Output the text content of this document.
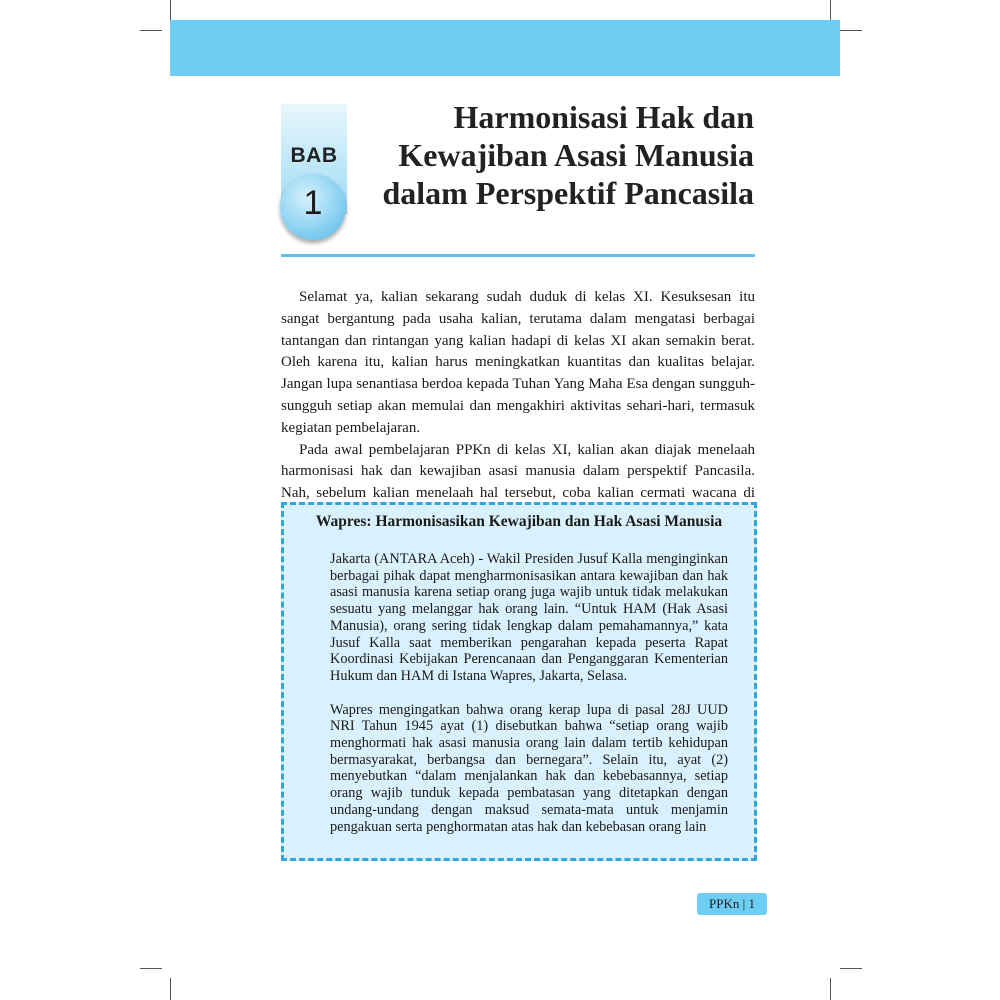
BAB
1
Harmonisasi Hak dan
Kewajiban Asasi Manusia
dalam Perspektif Pancasila

Selamat ya, kalian sekarang sudah duduk di kelas XI. Kesuksesan itu sangat bergantung pada usaha kalian, terutama dalam mengatasi berbagai tantangan dan rintangan yang kalian hadapi di kelas XI akan semakin berat. Oleh karena itu, kalian harus meningkatkan kuantitas dan kualitas belajar. Jangan lupa senantiasa berdoa kepada Tuhan Yang Maha Esa dengan sungguh-sungguh setiap akan memulai dan mengakhiri aktivitas sehari-hari, termasuk kegiatan pembelajaran.

Pada awal pembelajaran PPKn di kelas XI, kalian akan diajak menelaah harmonisasi hak dan kewajiban asasi manusia dalam perspektif Pancasila. Nah, sebelum kalian menelaah hal tersebut, coba kalian cermati wacana di

Wapres: Harmonisasikan Kewajiban dan Hak Asasi Manusia

Jakarta (ANTARA Aceh) - Wakil Presiden Jusuf Kalla menginginkan berbagai pihak dapat mengharmonisasikan antara kewajiban dan hak asasi manusia karena setiap orang juga wajib untuk tidak melakukan sesuatu yang melanggar hak orang lain. “Untuk HAM (Hak Asasi Manusia), orang sering tidak lengkap dalam pemahamannya,” kata Jusuf Kalla saat memberikan pengarahan kepada peserta Rapat Koordinasi Kebijakan Perencanaan dan Penganggaran Kementerian Hukum dan HAM di Istana Wapres, Jakarta, Selasa.

Wapres mengingatkan bahwa orang kerap lupa di pasal 28J UUD NRI Tahun 1945 ayat (1) disebutkan bahwa “setiap orang wajib menghormati hak asasi manusia orang lain dalam tertib kehidupan bermasyarakat, berbangsa dan bernegara”. Selain itu, ayat (2) menyebutkan “dalam menjalankan hak dan kebebasannya, setiap orang wajib tunduk kepada pembatasan yang ditetapkan dengan undang-undang dengan maksud semata-mata untuk menjamin pengakuan serta penghormatan atas hak dan kebebasan orang lain

PPKn | 1
